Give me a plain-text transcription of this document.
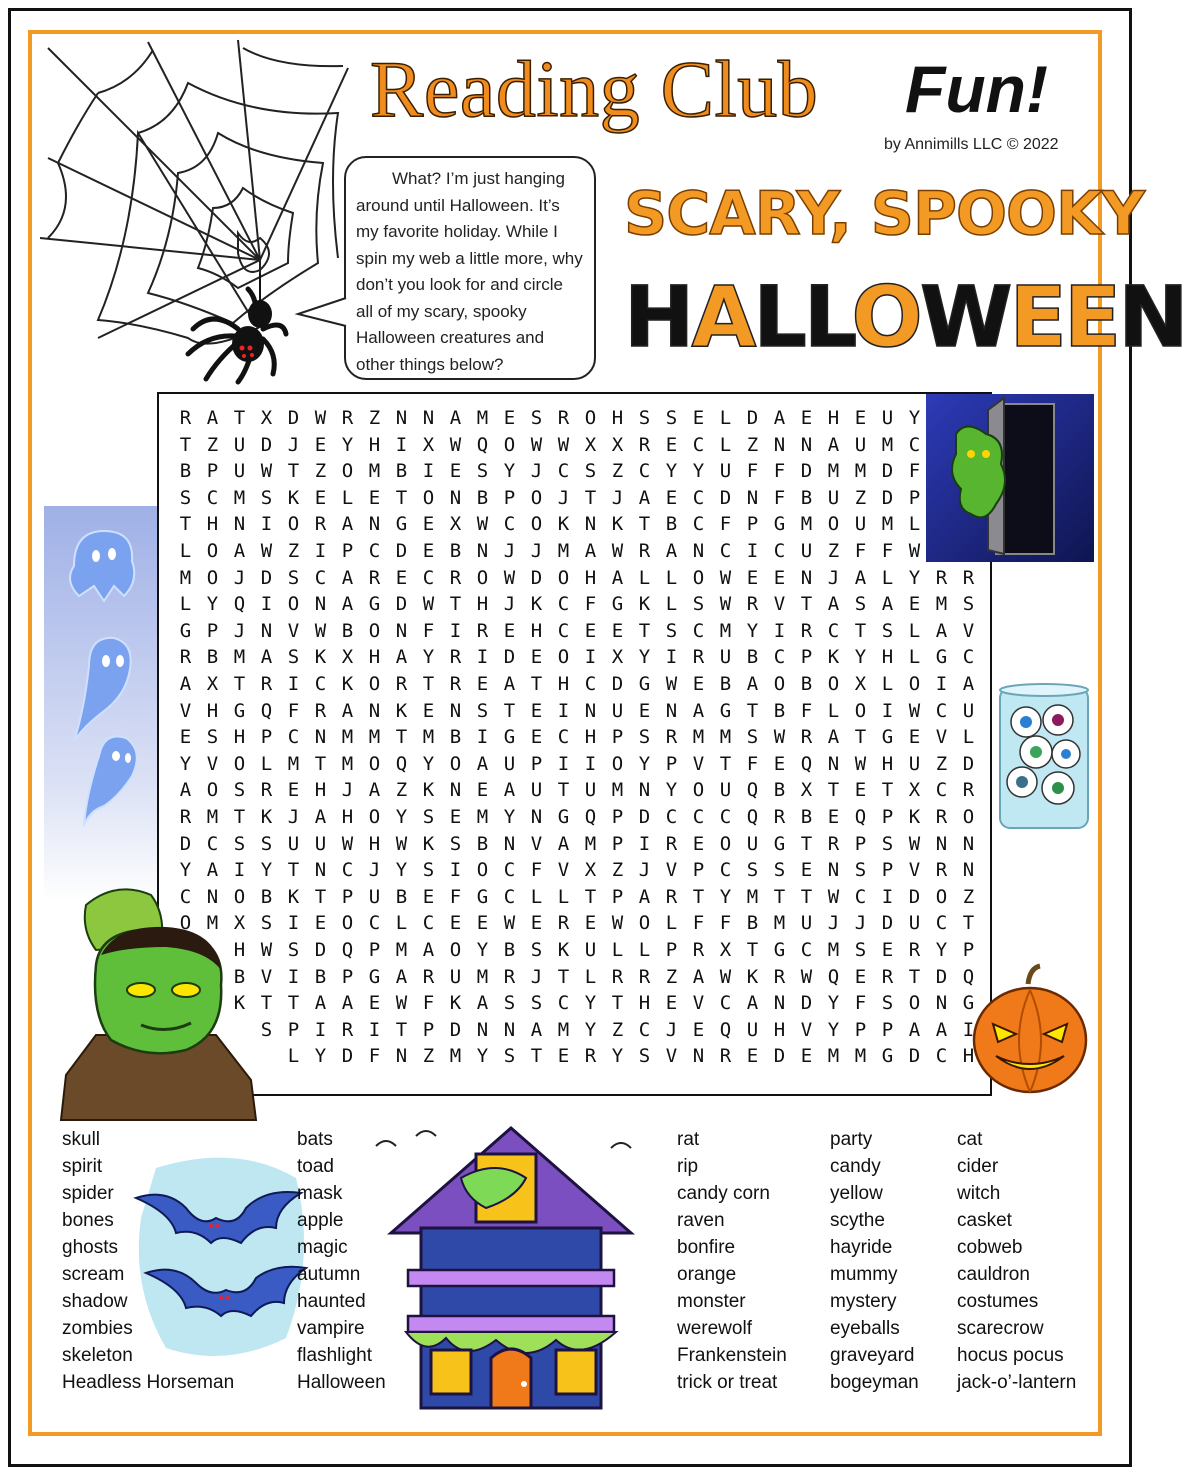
Reading Club Fun!
by Annimills LLC © 2022

What? I’m just hanging around until Halloween. It’s my favorite holiday. While I spin my web a little more, why don’t you look for and circle all of my scary, spooky Halloween creatures and other things below?

SCARY, SPOOKY
HALLOWEEN
skull
spirit
spider
bones
ghosts
scream
shadow
zombies
skeleton
Headless Horseman
bats
toad
mask
apple
magic
autumn
haunted
vampire
flashlight
Halloween
rat
rip
candy corn
raven
bonfire
orange
monster
werewolf
Frankenstein
trick or treat
party
candy
yellow
scythe
hayride
mummy
mystery
eyeballs
graveyard
bogeyman
cat
cider
witch
casket
cobweb
cauldron
costumes
scarecrow
hocus pocus
jack-o’-lantern
R A T X D W R Z N N A M E S R O H S S E L D A E H E U Y
T Z U D J E Y H I X W Q O W W X X R E C L Z N N A U M C
B P U W T Z O M B I E S Y J C S Z C Y Y U F F D M M D F
S C M S K E L E T O N B P O J T J A E C D N F B U Z D P
T H N I O R A N G E X W C O K N K T B C F P G M O U M L
L O A W Z I P C D E B N J J M A W R A N C I C U Z F F W
M O J D S C A R E C R O W D O H A L L O W E E N J A L Y R R
L Y Q I O N A G D W T H J K C F G K L S W R V T A S A E M S
G P J N V W B O N F I R E H C E E T S C M Y I R C T S L A V
R B M A S K X H A Y R I D E O I X Y I R U B C P K Y H L G C
A X T R I C K O R T R E A T H C D G W E B A O B O X L O I A
V H G Q F R A N K E N S T E I N U E N A G T B F L O I W C U
E S H P C N M M T M B I G E C H P S R M M S W R A T G E V L
Y V O L M T M O Q Y O A U P I I O Y P V T F E Q N W H U Z D
A O S R E H J A Z K N E A U T U M N Y O U Q B X T E T X C R
R M T K J A H O Y S E M Y N G Q P D C C C Q R B E Q P K R O
D C S S U U W H W K S B N V A M P I R E O U G T R P S W N N
Y A I Y T N C J Y S I O C F V X Z J V P C S S E N S P V R N
C N O B K T P U B E F G C L L T P A R T Y M T T W C I D O Z
O M X S I E O C L C E E W E R E W O L F F B M U J J D U C T
H W S D Q P M A O Y B S K U L L P R X T G C M S E R Y P
B V I B P G A R U M R J T L R R Z A W K R W Q E R T D Q
K T T A A E W F K A S S C Y T H E V C A N D Y F S O N G
S P I R I T P D N N A M Y Z C J E Q U H V Y P P A A I
L Y D F N Z M Y S T E R Y S V N R E D E M M G D C H
